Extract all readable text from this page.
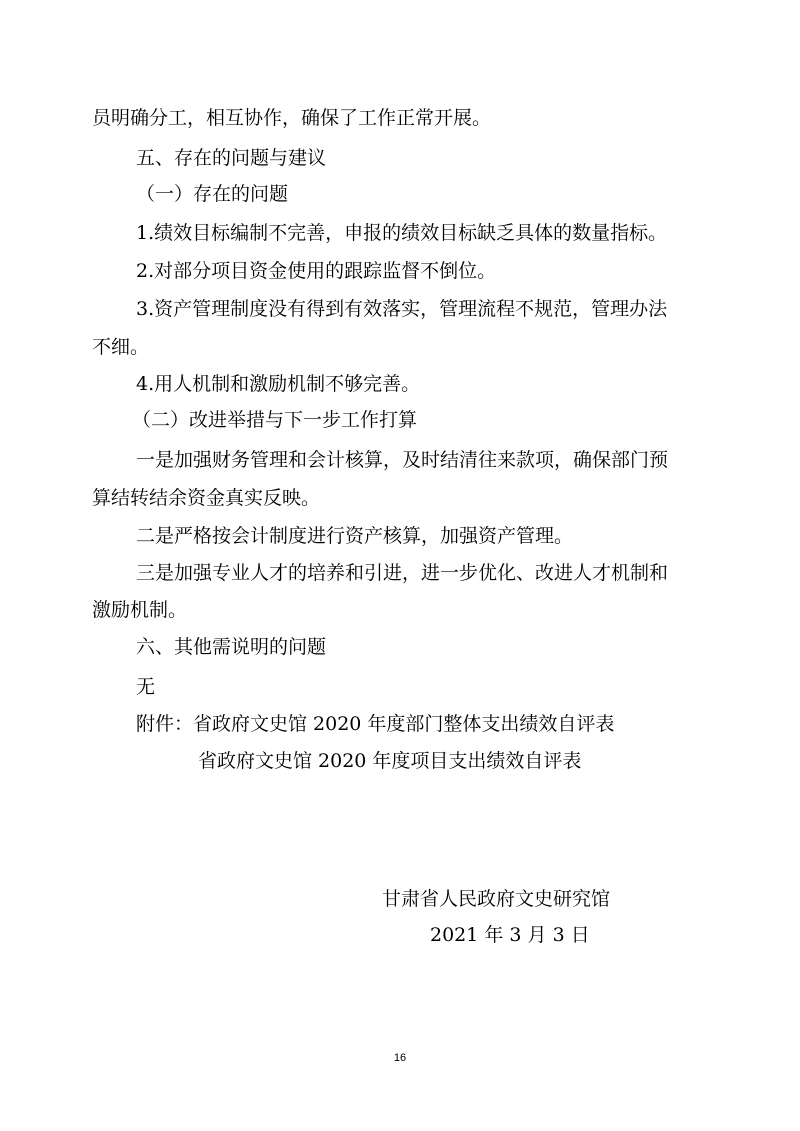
员明确分工，相互协作，确保了工作正常开展。
五、存在的问题与建议
（一）存在的问题
1.绩效目标编制不完善，申报的绩效目标缺乏具体的数量指标。
2.对部分项目资金使用的跟踪监督不倒位。
3.资产管理制度没有得到有效落实，管理流程不规范，管理办法
不细。
4.用人机制和激励机制不够完善。
（二）改进举措与下一步工作打算
一是加强财务管理和会计核算，及时结清往来款项，确保部门预
算结转结余资金真实反映。
二是严格按会计制度进行资产核算，加强资产管理。
三是加强专业人才的培养和引进，进一步优化、改进人才机制和
激励机制。
六、其他需说明的问题
无
附件：省政府文史馆 2020 年度部门整体支出绩效自评表
省政府文史馆 2020 年度项目支出绩效自评表
甘肃省人民政府文史研究馆
2021 年 3 月 3 日
16
